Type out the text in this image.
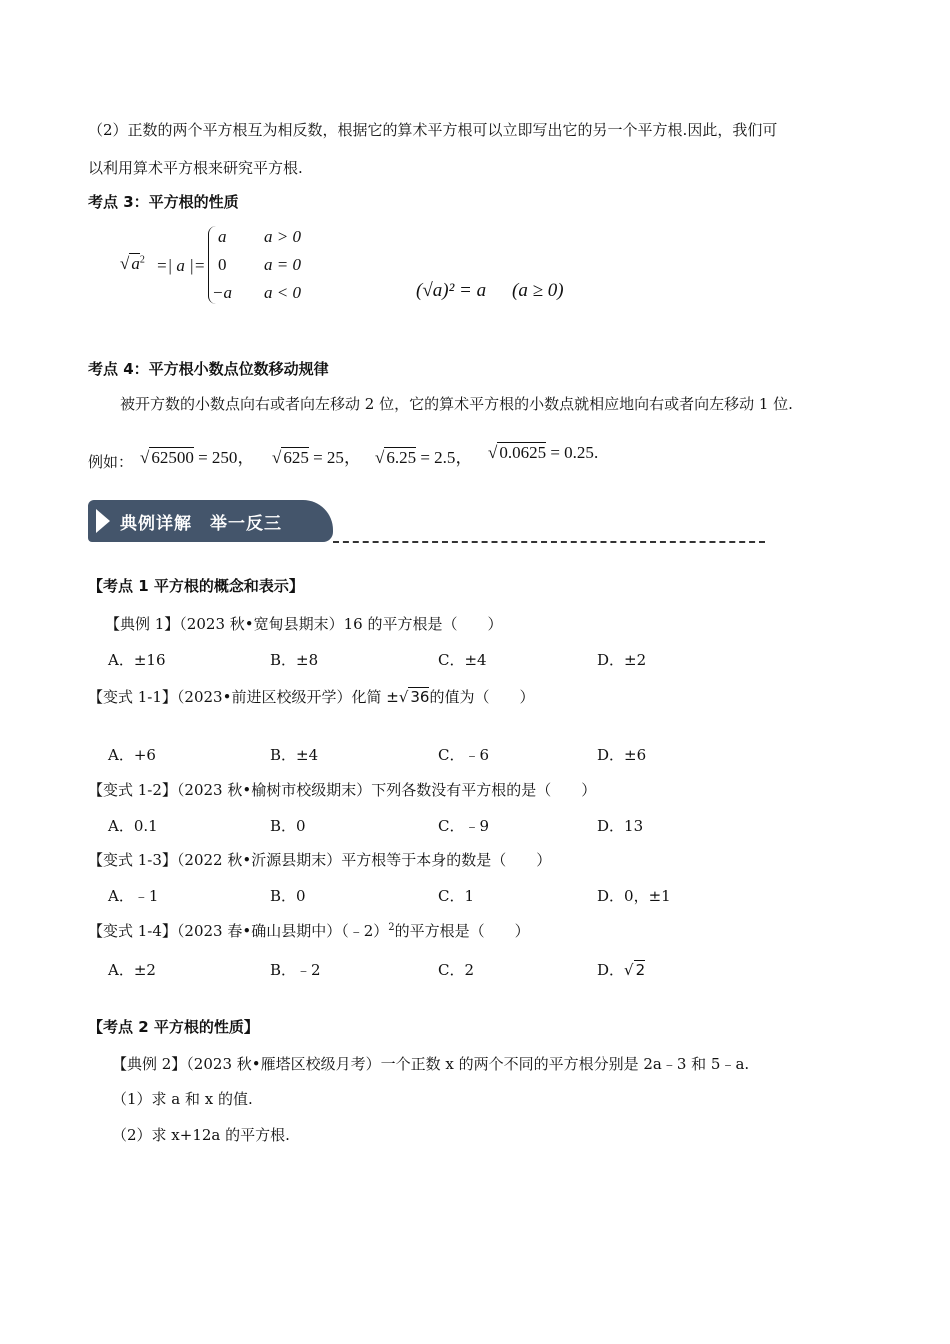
（2）正数的两个平方根互为相反数，根据它的算术平方根可以立即写出它的另一个平方根.因此，我们可
以利用算术平方根来研究平方根.
考点 3：平方根的性质
√ $a^2$ =| a |=
a a > 0
0 a = 0
−a a < 0	(√a)² = a (a ≥ 0)
考点 4：平方根小数点位数移动规律
被开方数的小数点向右或者向左移动 2 位，它的算术平方根的小数点就相应地向右或者向左移动 1 位.
例如： √ 62500 = 250， √ 625 = 25， √ 6.25 = 2.5， √ 0.0625 = 0.25.
典例详解　举一反三
【考点 1 平方根的概念和表示】
【典例 1】（2023 秋•宽甸县期末）16 的平方根是（　　）
A．±16	B．±8	C．±4	D．±2
【变式 1-1】（2023•前进区校级开学）化简 ±√ 36的值为（　　）
A．+6	B．±4	C．﹣6	D．±6
【变式 1-2】（2023 秋•榆树市校级期末）下列各数没有平方根的是（　　）
A．0.1	B．0	C．﹣9	D．13
【变式 1-3】（2022 秋•沂源县期末）平方根等于本身的数是（　　）
A．﹣1	B．0	C．1	D．0，±1
【变式 1-4】（2023 春•确山县期中）（﹣2）$^2$的平方根是（　　）
A．±2	B．﹣2	C．2	D．√ 2
【考点 2 平方根的性质】
【典例 2】（2023 秋•雁塔区校级月考）一个正数 x 的两个不同的平方根分别是 2a﹣3 和 5﹣a.
（1）求 a 和 x 的值.
（2）求 x+12a 的平方根.
